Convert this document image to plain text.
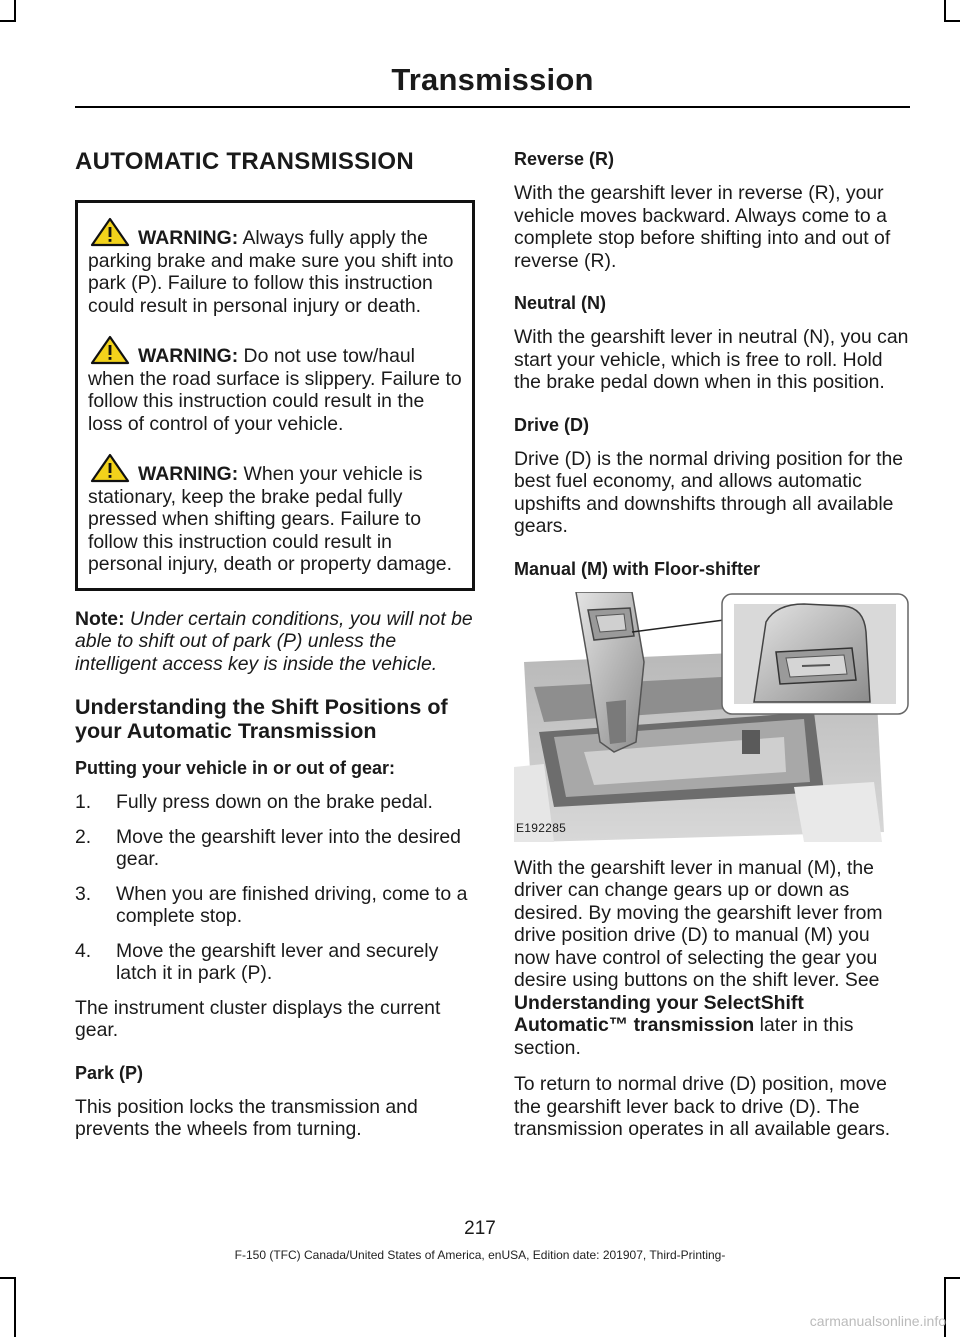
Transmission
AUTOMATIC TRANSMISSION

WARNING: Always fully apply the parking brake and make sure you shift into park (P). Failure to follow this instruction could result in personal injury or death.

WARNING: Do not use tow/haul when the road surface is slippery. Failure to follow this instruction could result in the loss of control of your vehicle.

WARNING: When your vehicle is stationary, keep the brake pedal fully pressed when shifting gears. Failure to follow this instruction could result in personal injury, death or property damage.

Note: Under certain conditions, you will not be able to shift out of park (P) unless the intelligent access key is inside the vehicle.

Understanding the Shift Positions of your Automatic Transmission
Putting your vehicle in or out of gear:
1. Fully press down on the brake pedal.
2. Move the gearshift lever into the desired gear.
3. When you are finished driving, come to a complete stop.
4. Move the gearshift lever and securely latch it in park (P).

The instrument cluster displays the current gear.

Park (P)

This position locks the transmission and prevents the wheels from turning.

Reverse (R)

With the gearshift lever in reverse (R), your vehicle moves backward. Always come to a complete stop before shifting into and out of reverse (R).

Neutral (N)

With the gearshift lever in neutral (N), you can start your vehicle, which is free to roll. Hold the brake pedal down when in this position.

Drive (D)

Drive (D) is the normal driving position for the best fuel economy, and allows automatic upshifts and downshifts through all available gears.

Manual (M) with Floor-shifter
E192285

With the gearshift lever in manual (M), the driver can change gears up or down as desired. By moving the gearshift lever from drive position drive (D) to manual (M) you now have control of selecting the gear you desire using buttons on the shift lever. See Understanding your SelectShift Automatic™ transmission later in this section.

To return to normal drive (D) position, move the gearshift lever back to drive (D). The transmission operates in all available gears.

217
F-150 (TFC) Canada/United States of America, enUSA, Edition date: 201907, Third-Printing-
carmanualsonline.info
